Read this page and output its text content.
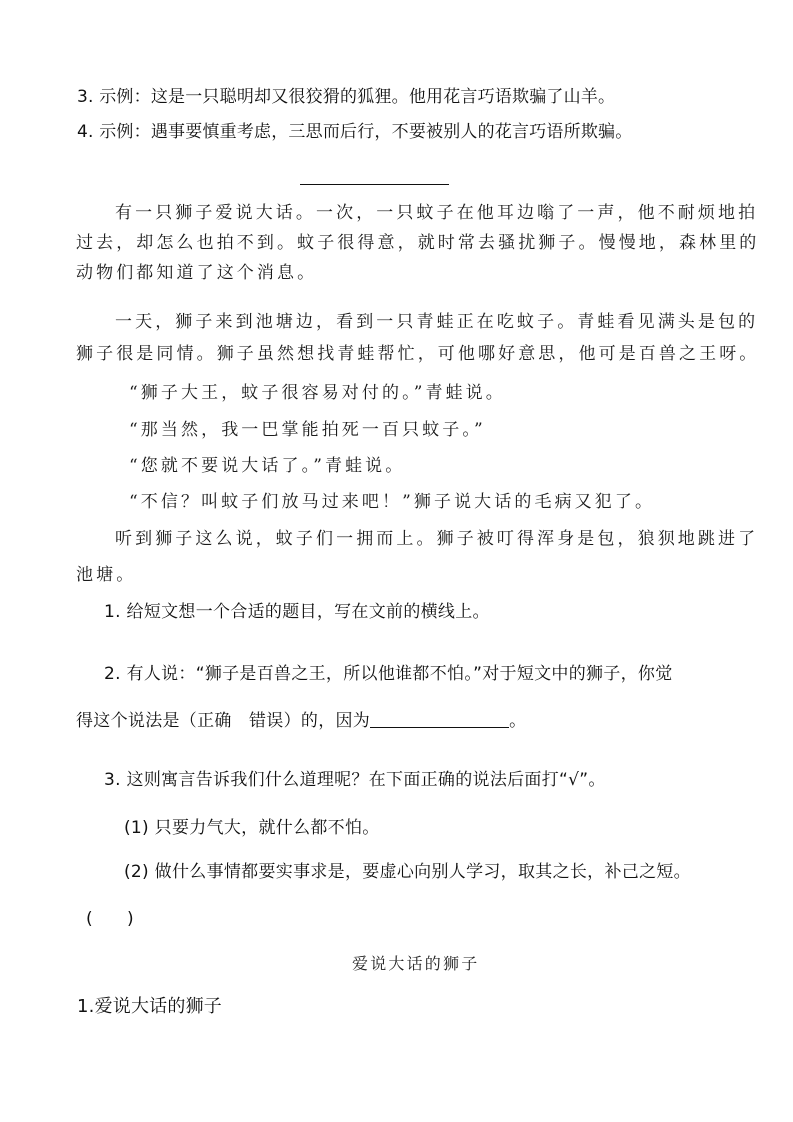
3. 示例：这是一只聪明却又很狡猾的狐狸。他用花言巧语欺骗了山羊。
4. 示例：遇事要慎重考虑，三思而后行，不要被别人的花言巧语所欺骗。
有一只狮子爱说大话。一次，一只蚊子在他耳边嗡了一声，他不耐烦地拍
过去，却怎么也拍不到。蚊子很得意，就时常去骚扰狮子。慢慢地，森林里的
动物们都知道了这个消息。
一天，狮子来到池塘边，看到一只青蛙正在吃蚊子。青蛙看见满头是包的
狮子很是同情。狮子虽然想找青蛙帮忙，可他哪好意思，他可是百兽之王呀。
“狮子大王，蚊子很容易对付的。”青蛙说。
“那当然，我一巴掌能拍死一百只蚊子。”
“您就不要说大话了。”青蛙说。
“不信？叫蚊子们放马过来吧！”狮子说大话的毛病又犯了。
听到狮子这么说，蚊子们一拥而上。狮子被叮得浑身是包，狼狈地跳进了
池塘。
1. 给短文想一个合适的题目，写在文前的横线上。
2. 有人说：“狮子是百兽之王，所以他谁都不怕。”对于短文中的狮子，你觉
得这个说法是（正确　错误）的，因为	。
3. 这则寓言告诉我们什么道理呢？在下面正确的说法后面打“√”。
(1) 只要力气大，就什么都不怕。
(2) 做什么事情都要实事求是，要虚心向别人学习，取其之长，补己之短。
( )
爱说大话的狮子
1.爱说大话的狮子
